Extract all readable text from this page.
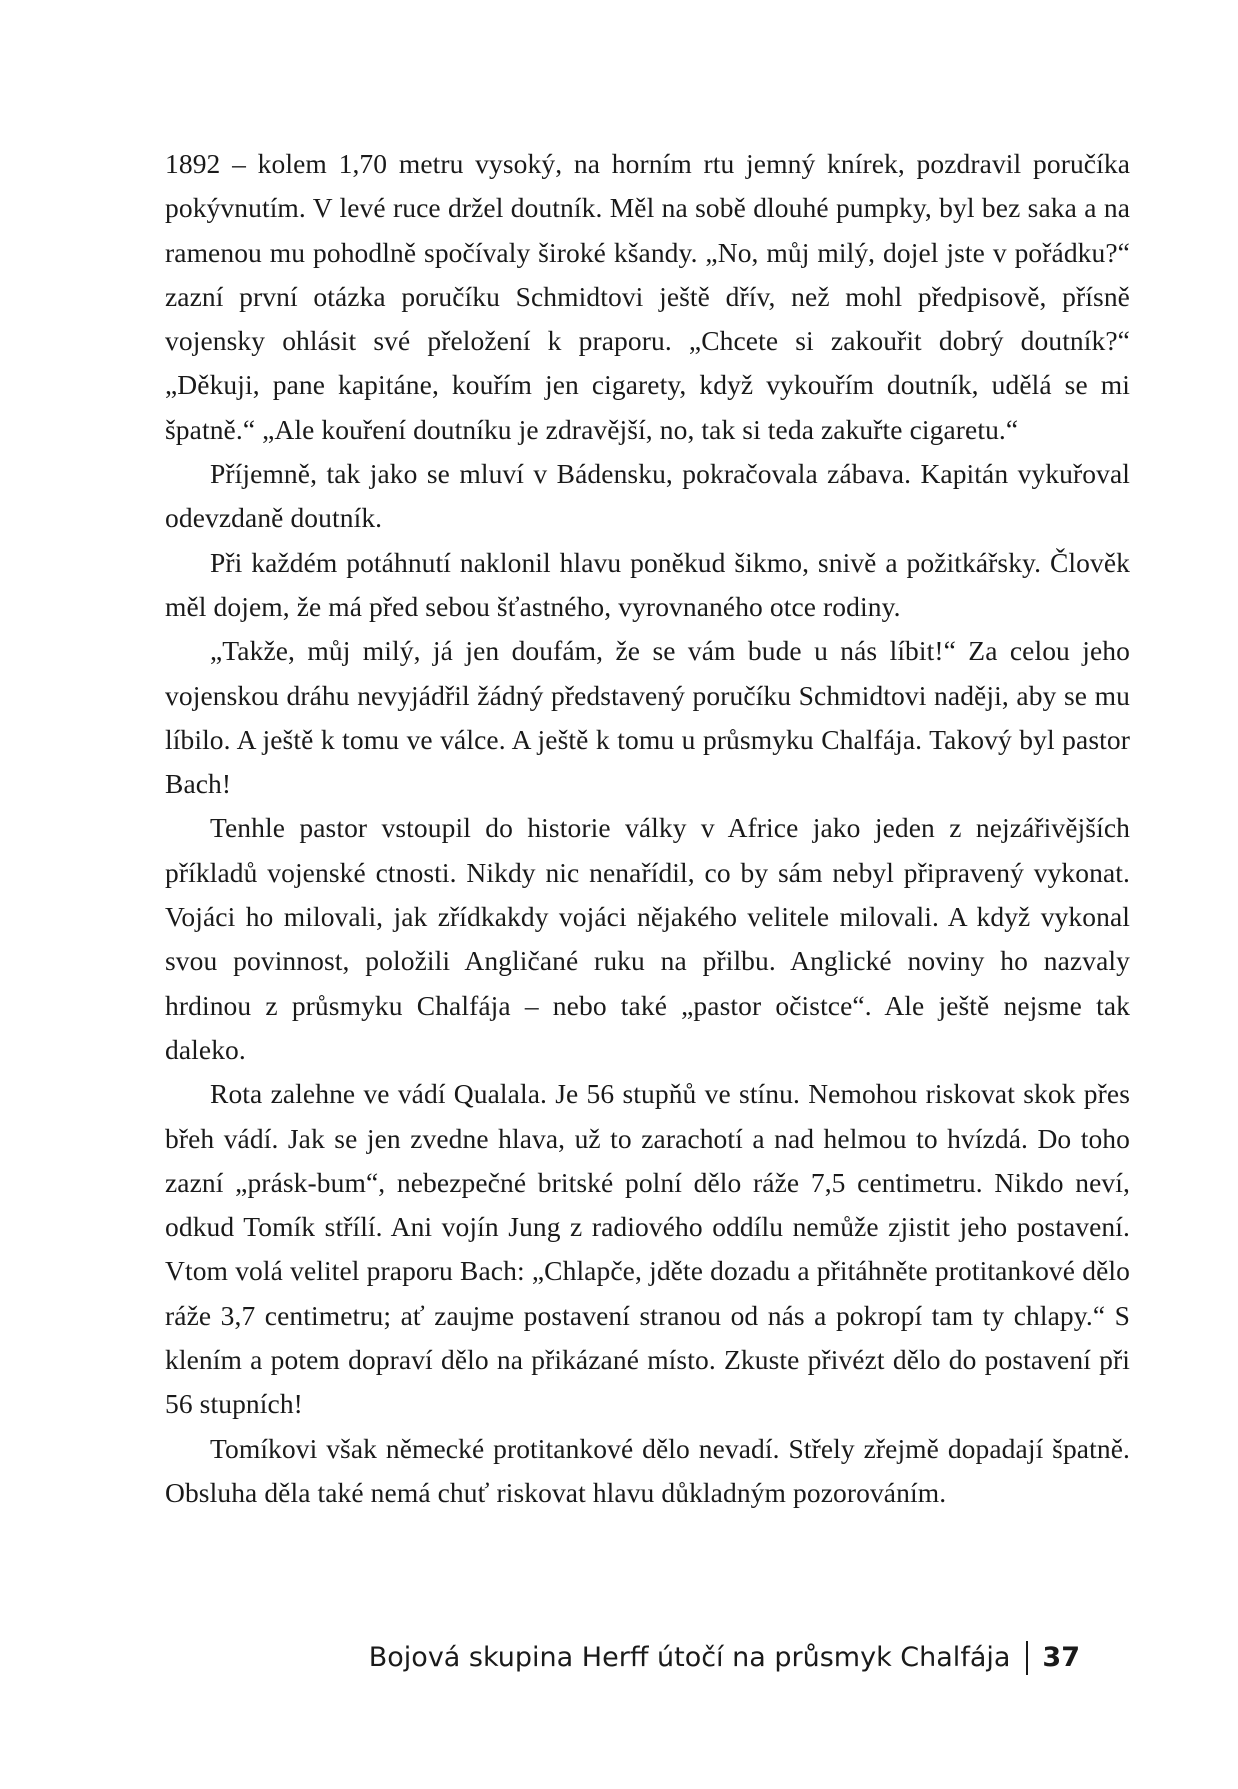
1892 – kolem 1,70 metru vysoký, na horním rtu jemný knírek, pozdravil poručíka pokývnutím. V levé ruce držel doutník. Měl na sobě dlouhé pumpky, byl bez saka a na ramenou mu pohodlně spočívaly široké kšandy. „No, můj milý, dojel jste v pořádku?“ zazní první otázka poručíku Schmidtovi ještě dřív, než mohl předpisově, přísně vojensky ohlásit své přeložení k praporu. „Chcete si zakouřit dobrý doutník?“ „Děkuji, pane kapitáne, kouřím jen cigarety, když vykouřím doutník, udělá se mi špatně.“ „Ale kouření doutníku je zdravější, no, tak si teda zakuřte cigaretu.“

Příjemně, tak jako se mluví v Bádensku, pokračovala zábava. Kapitán vykuřoval odevzdaně doutník.

Při každém potáhnutí naklonil hlavu poněkud šikmo, snivě a požitkářsky. Člověk měl dojem, že má před sebou šťastného, vyrovnaného otce rodiny.

„Takže, můj milý, já jen doufám, že se vám bude u nás líbit!“ Za celou jeho vojenskou dráhu nevyjádřil žádný představený poručíku Schmidtovi naději, aby se mu líbilo. A ještě k tomu ve válce. A ještě k tomu u průsmyku Chalfája. Takový byl pastor Bach!

Tenhle pastor vstoupil do historie války v Africe jako jeden z nejzářivějších příkladů vojenské ctnosti. Nikdy nic nenařídil, co by sám nebyl připravený vykonat. Vojáci ho milovali, jak zřídkakdy vojáci nějakého velitele milovali. A když vykonal svou povinnost, položili Angličané ruku na přilbu. Anglické noviny ho nazvaly hrdinou z průsmyku Chalfája – nebo také „pastor očistce“. Ale ještě nejsme tak daleko.

Rota zalehne ve vádí Qualala. Je 56 stupňů ve stínu. Nemohou riskovat skok přes břeh vádí. Jak se jen zvedne hlava, už to zarachotí a nad helmou to hvízdá. Do toho zazní „prásk-bum“, nebezpečné britské polní dělo ráže 7,5 centimetru. Nikdo neví, odkud Tomík střílí. Ani vojín Jung z radiového oddílu nemůže zjistit jeho postavení. Vtom volá velitel praporu Bach: „Chlapče, jděte dozadu a přitáhněte protitankové dělo ráže 3,7 centimetru; ať zaujme postavení stranou od nás a pokropí tam ty chlapy.“ S klením a potem dopraví dělo na přikázané místo. Zkuste přivézt dělo do postavení při 56 stupních!

Tomíkovi však německé protitankové dělo nevadí. Střely zřejmě dopadají špatně. Obsluha děla také nemá chuť riskovat hlavu důkladným pozorováním.

Bojová skupina Herff útočí na průsmyk Chalfája 37
